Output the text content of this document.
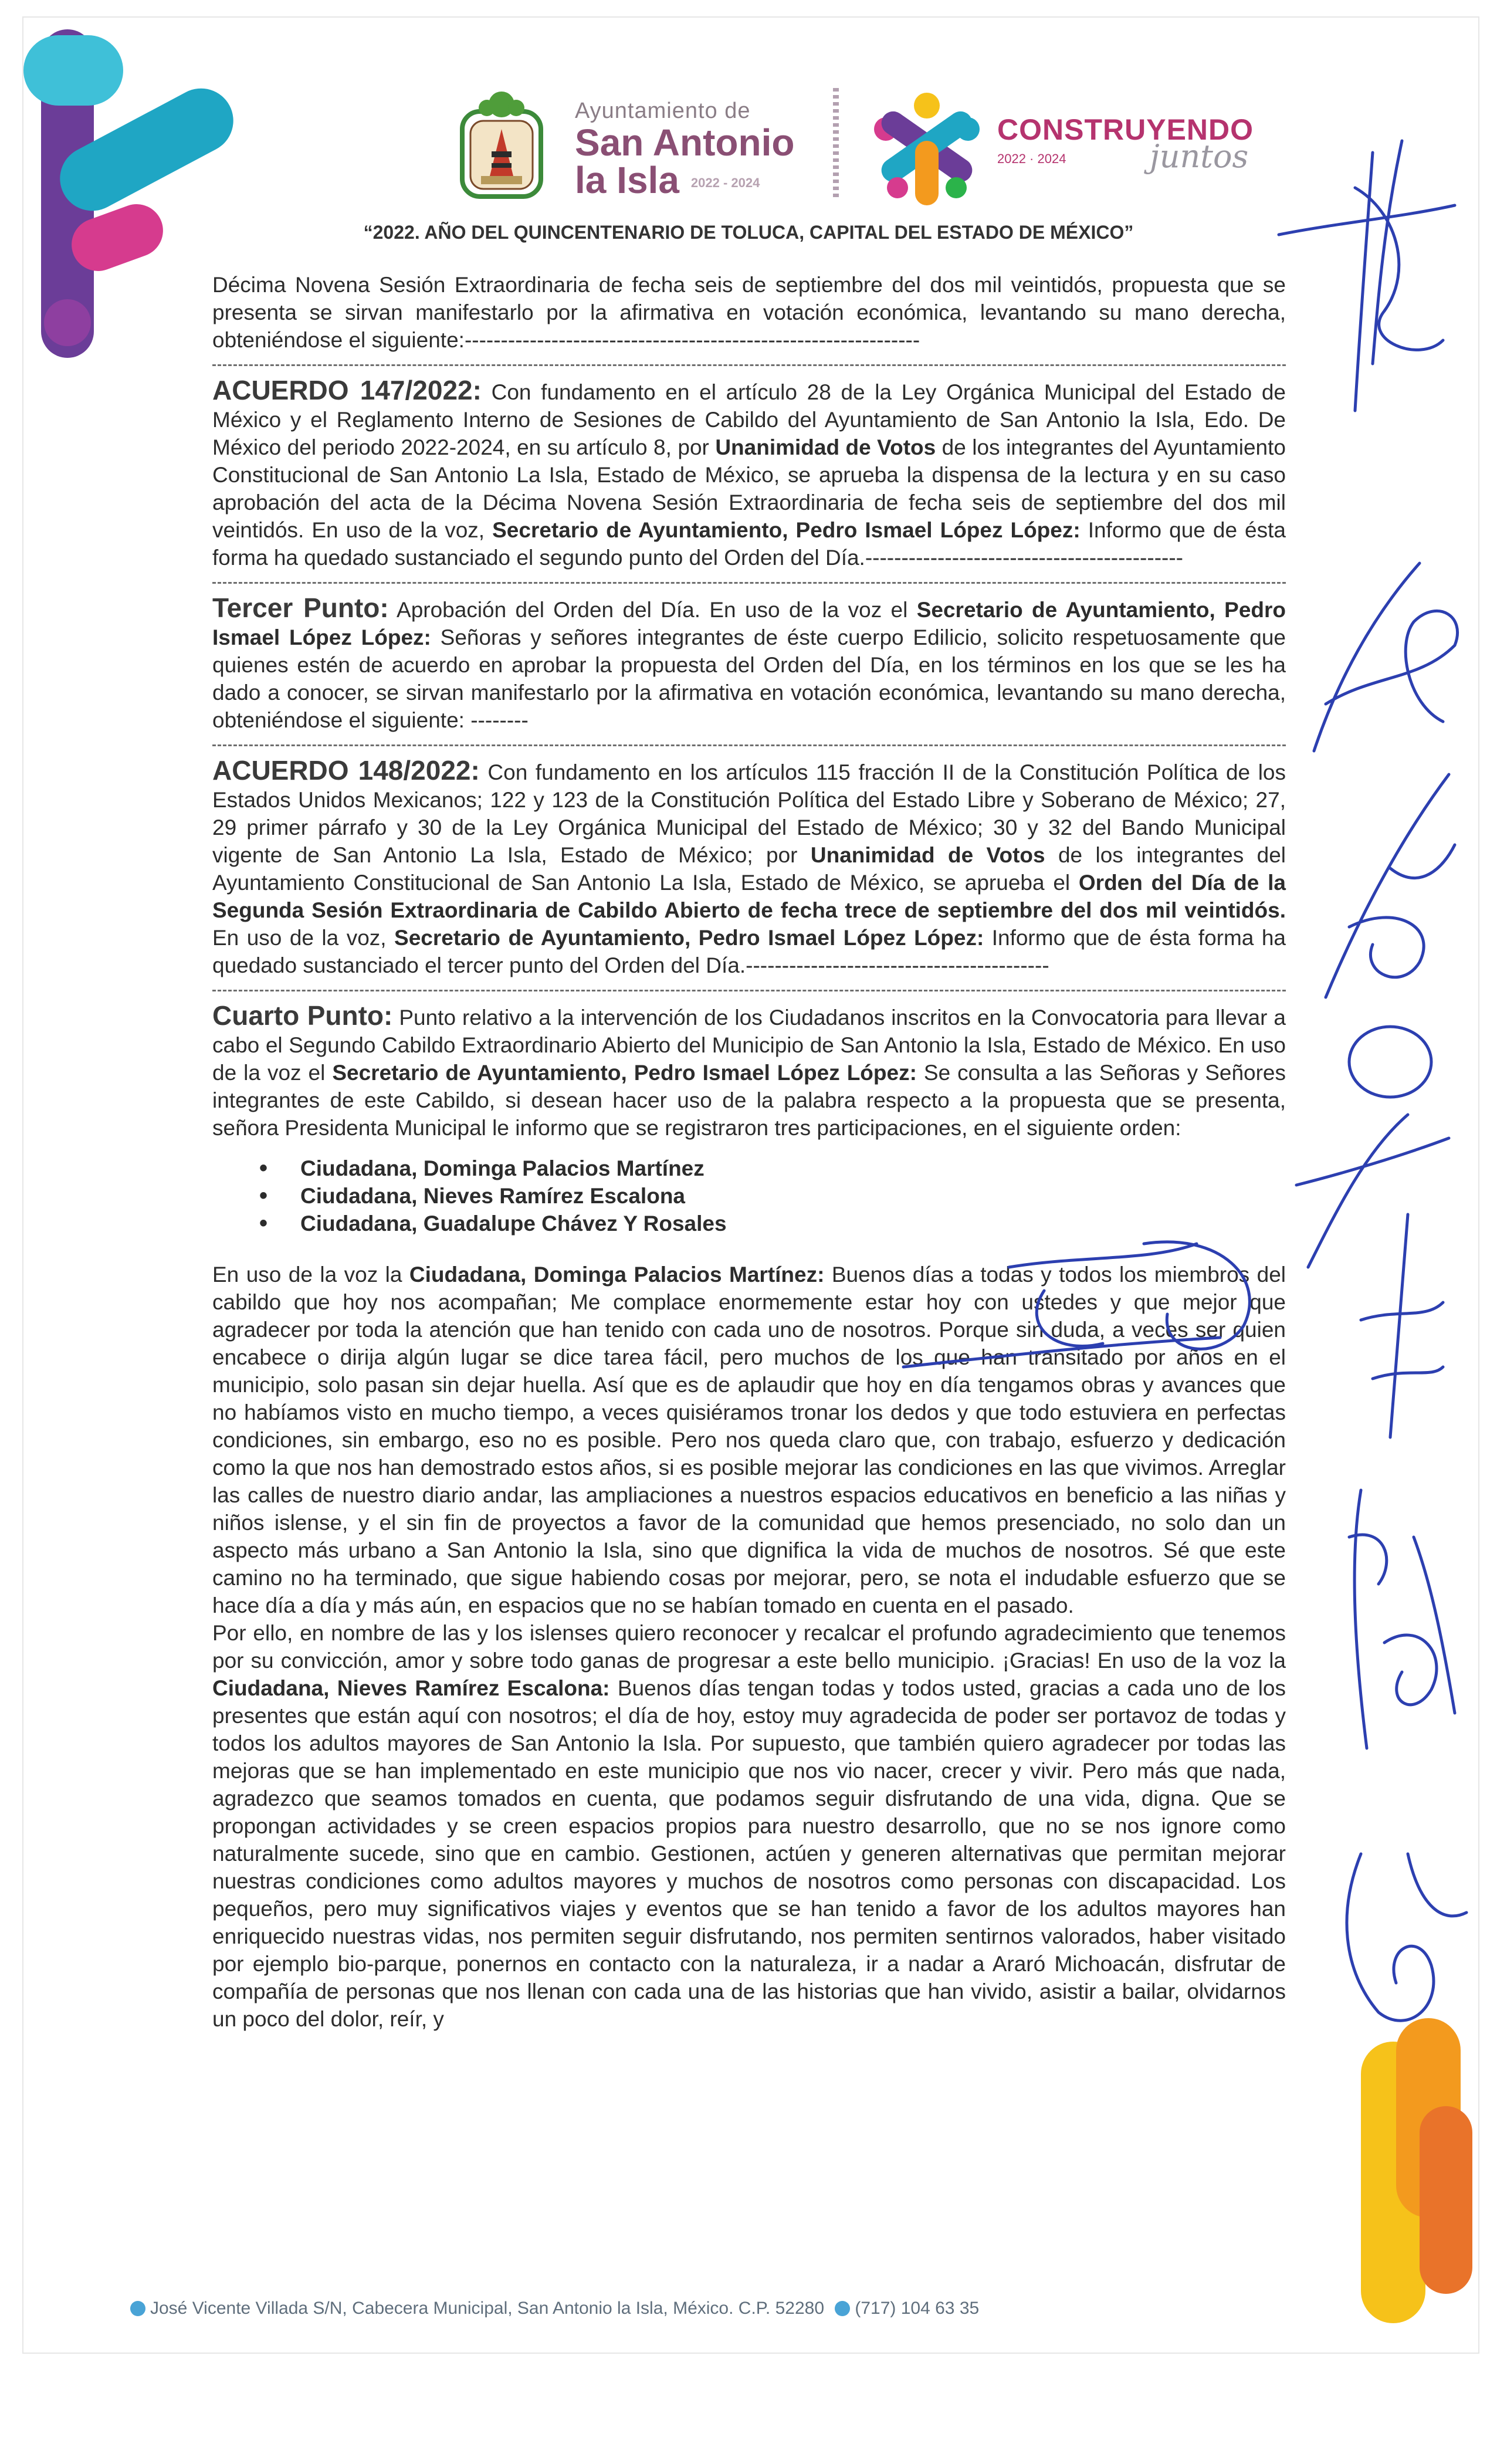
Ayuntamiento de
San Antonio
la Isla 2022 - 2024
CONSTRUYENDO
2022 · 2024	juntos
“2022. AÑO DEL QUINCENTENARIO DE TOLUCA, CAPITAL DEL ESTADO DE MÉXICO”

Décima Novena Sesión Extraordinaria de fecha seis de septiembre del dos mil veintidós, propuesta que se presenta se sirvan manifestarlo por la afirmativa en votación económica, levantando su mano derecha, obteniéndose el siguiente:---------------------------------------------------------------

ACUERDO 147/2022: Con fundamento en el artículo 28 de la Ley Orgánica Municipal del Estado de México y el Reglamento Interno de Sesiones de Cabildo del Ayuntamiento de San Antonio la Isla, Edo. De México del periodo 2022-2024, en su artículo 8, por Unanimidad de Votos de los integrantes del Ayuntamiento Constitucional de San Antonio La Isla, Estado de México, se aprueba la dispensa de la lectura y en su caso aprobación del acta de la Décima Novena Sesión Extraordinaria de fecha seis de septiembre del dos mil veintidós. En uso de la voz, Secretario de Ayuntamiento, Pedro Ismael López López: Informo que de ésta forma ha quedado sustanciado el segundo punto del Orden del Día.--------------------------------------------

Tercer Punto: Aprobación del Orden del Día. En uso de la voz el Secretario de Ayuntamiento, Pedro Ismael López López: Señoras y señores integrantes de éste cuerpo Edilicio, solicito respetuosamente que quienes estén de acuerdo en aprobar la propuesta del Orden del Día, en los términos en los que se les ha dado a conocer, se sirvan manifestarlo por la afirmativa en votación económica, levantando su mano derecha, obteniéndose el siguiente: --------

ACUERDO 148/2022: Con fundamento en los artículos 115 fracción II de la Constitución Política de los Estados Unidos Mexicanos; 122 y 123 de la Constitución Política del Estado Libre y Soberano de México; 27, 29 primer párrafo y 30 de la Ley Orgánica Municipal del Estado de México; 30 y 32 del Bando Municipal vigente de San Antonio La Isla, Estado de México; por Unanimidad de Votos de los integrantes del Ayuntamiento Constitucional de San Antonio La Isla, Estado de México, se aprueba el Orden del Día de la Segunda Sesión Extraordinaria de Cabildo Abierto de fecha trece de septiembre del dos mil veintidós. En uso de la voz, Secretario de Ayuntamiento, Pedro Ismael López López: Informo que de ésta forma ha quedado sustanciado el tercer punto del Orden del Día.------------------------------------------

Cuarto Punto: Punto relativo a la intervención de los Ciudadanos inscritos en la Convocatoria para llevar a cabo el Segundo Cabildo Extraordinario Abierto del Municipio de San Antonio la Isla, Estado de México. En uso de la voz el Secretario de Ayuntamiento, Pedro Ismael López López: Se consulta a las Señoras y Señores integrantes de este Cabildo, si desean hacer uso de la palabra respecto a la propuesta que se presenta, señora Presidenta Municipal le informo que se registraron tres participaciones, en el siguiente orden:

• Ciudadana, Dominga Palacios Martínez
• Ciudadana, Nieves Ramírez Escalona
• Ciudadana, Guadalupe Chávez Y Rosales

En uso de la voz la Ciudadana, Dominga Palacios Martínez: Buenos días a todas y todos los miembros del cabildo que hoy nos acompañan; Me complace enormemente estar hoy con ustedes y que mejor que agradecer por toda la atención que han tenido con cada uno de nosotros. Porque sin duda, a veces ser quien encabece o dirija algún lugar se dice tarea fácil, pero muchos de los que han transitado por años en el municipio, solo pasan sin dejar huella. Así que es de aplaudir que hoy en día tengamos obras y avances que no habíamos visto en mucho tiempo, a veces quisiéramos tronar los dedos y que todo estuviera en perfectas condiciones, sin embargo, eso no es posible. Pero nos queda claro que, con trabajo, esfuerzo y dedicación como la que nos han demostrado estos años, si es posible mejorar las condiciones en las que vivimos. Arreglar las calles de nuestro diario andar, las ampliaciones a nuestros espacios educativos en beneficio a las niñas y niños islense, y el sin fin de proyectos a favor de la comunidad que hemos presenciado, no solo dan un aspecto más urbano a San Antonio la Isla, sino que dignifica la vida de muchos de nosotros. Sé que este camino no ha terminado, que sigue habiendo cosas por mejorar, pero, se nota el indudable esfuerzo que se hace día a día y más aún, en espacios que no se habían tomado en cuenta en el pasado.

Por ello, en nombre de las y los islenses quiero reconocer y recalcar el profundo agradecimiento que tenemos por su convicción, amor y sobre todo ganas de progresar a este bello municipio. ¡Gracias! En uso de la voz la Ciudadana, Nieves Ramírez Escalona: Buenos días tengan todas y todos usted, gracias a cada uno de los presentes que están aquí con nosotros; el día de hoy, estoy muy agradecida de poder ser portavoz de todas y todos los adultos mayores de San Antonio la Isla. Por supuesto, que también quiero agradecer por todas las mejoras que se han implementado en este municipio que nos vio nacer, crecer y vivir. Pero más que nada, agradezco que seamos tomados en cuenta, que podamos seguir disfrutando de una vida, digna. Que se propongan actividades y se creen espacios propios para nuestro desarrollo, que no se nos ignore como naturalmente sucede, sino que en cambio. Gestionen, actúen y generen alternativas que permitan mejorar nuestras condiciones como adultos mayores y muchos de nosotros como personas con discapacidad. Los pequeños, pero muy significativos viajes y eventos que se han tenido a favor de los adultos mayores han enriquecido nuestras vidas, nos permiten seguir disfrutando, nos permiten sentirnos valorados, haber visitado por ejemplo bio-parque, ponernos en contacto con la naturaleza, ir a nadar a Araró Michoacán, disfrutar de compañía de personas que nos llenan con cada una de las historias que han vivido, asistir a bailar, olvidarnos un poco del dolor, reír, y

José Vicente Villada S/N, Cabecera Municipal, San Antonio la Isla, México. C.P. 52280 (717) 104 63 35
